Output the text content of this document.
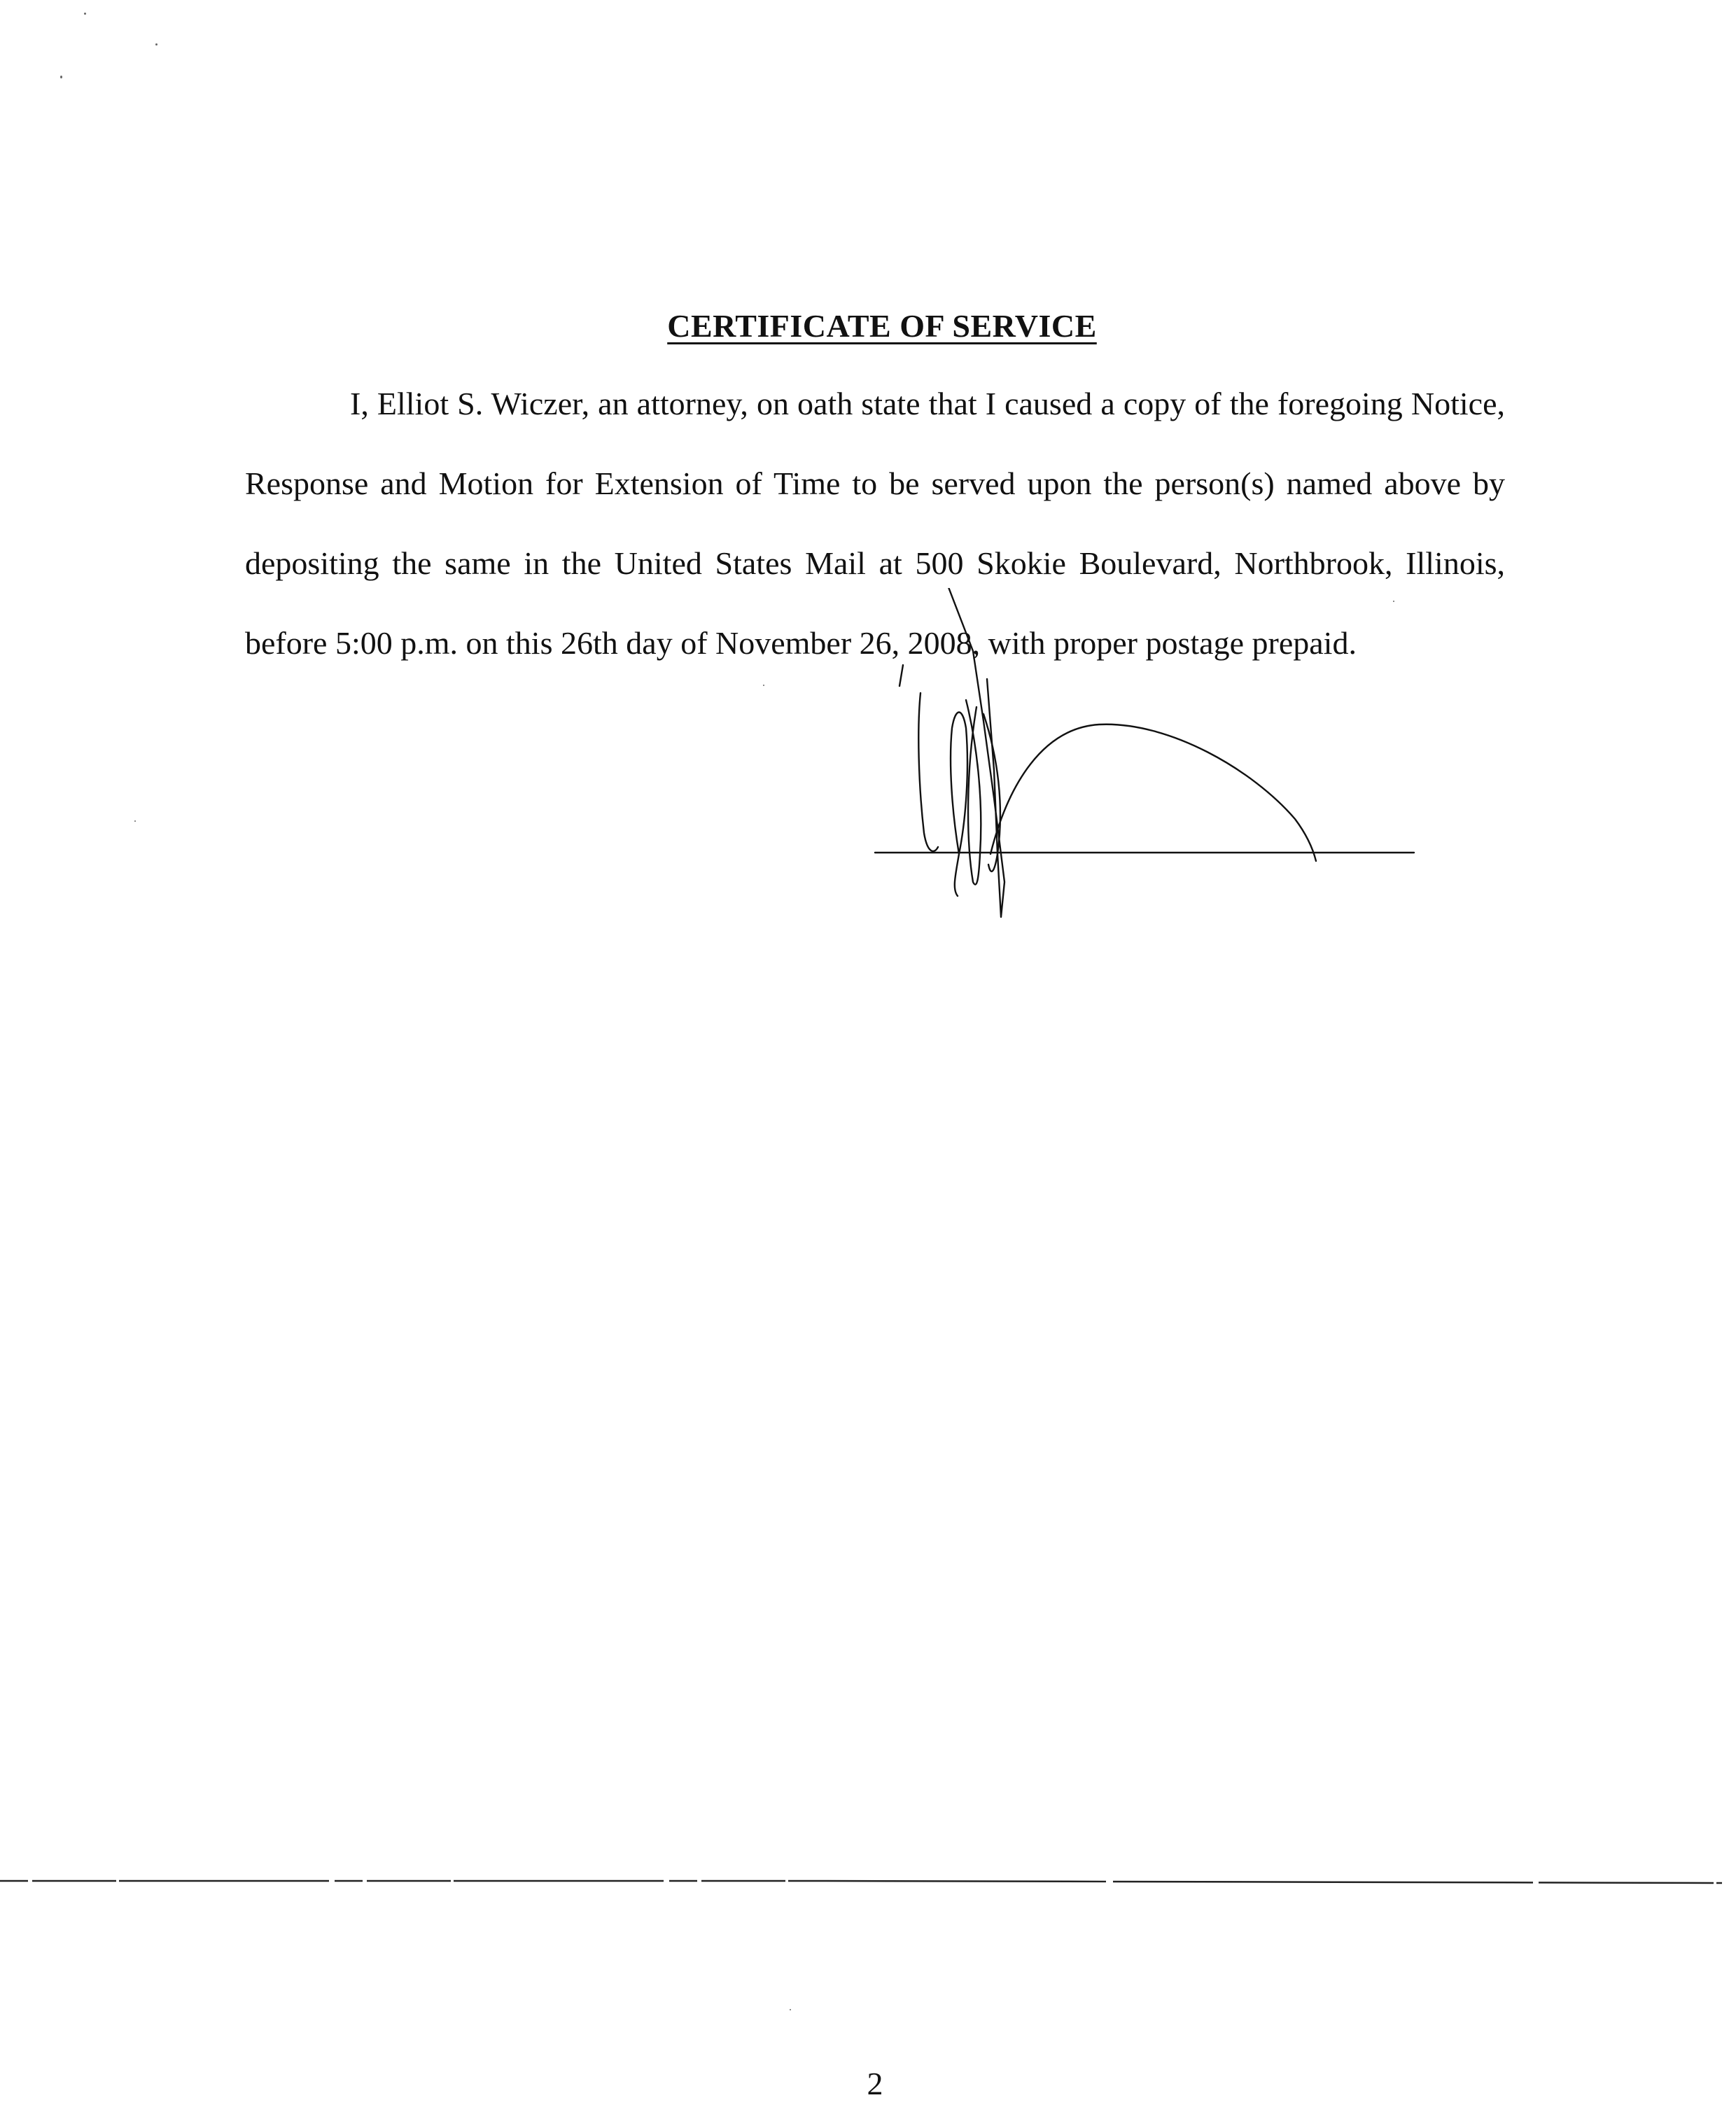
CERTIFICATE OF SERVICE

I, Elliot S. Wiczer, an attorney, on oath state that I caused a copy of the foregoing Notice, Response and Motion for Extension of Time to be served upon the person(s) named above by depositing the same in the United States Mail at 500 Skokie Boulevard, Northbrook, Illinois, before 5:00 p.m. on this 26th day of November 26, 2008, with proper postage prepaid.

2
